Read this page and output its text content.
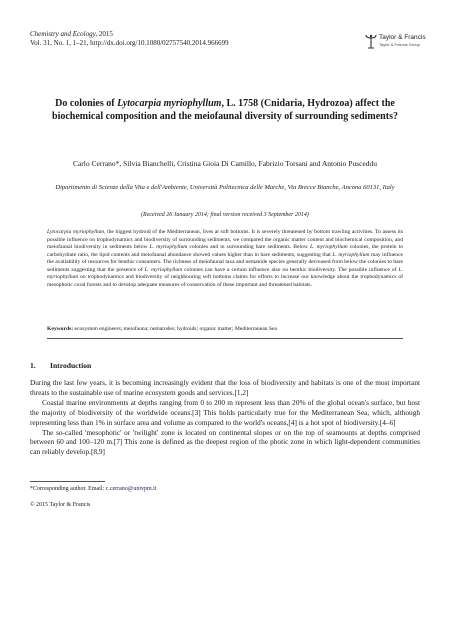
Chemistry and Ecology, 2015
Vol. 31, No. 1, 1–21, http://dx.doi.org/10.1080/02757540.2014.966699
Taylor & Francis
Taylor & Francis Group
Do colonies of Lytocarpia myriophyllum, L. 1758 (Cnidaria, Hydrozoa) affect the biochemical composition and the meiofaunal diversity of surrounding sediments?
Carlo Cerrano*, Silvia Bianchelli, Cristina Gioia Di Camillo, Fabrizio Torsani and Antonio Pusceddu
Dipartimento di Scienze della Vita e dell'Ambiente, Università Politecnica delle Marche, Via Brecce Bianche, Ancona 60131, Italy
(Received 26 January 2014; final version received 3 September 2014)
Lytocarpia myriophyllum, the biggest hydroid of the Mediterranean, lives at soft bottoms. It is severely threatened by bottom trawling activities. To assess its possible influence on trophodynamics and biodiversity of surrounding sediments, we compared the organic matter content and biochemical composition, and meiofaunal biodiversity in sediments below L. myriophyllum colonies and in surrounding bare sediments. Below L. myriophyllum colonies, the protein to carbohydrate ratio, the lipid contents and meiofaunal abundance showed values higher than in bare sediments, suggesting that L. myriophyllum may influence the availability of resources for benthic consumers. The richness of meiofaunal taxa and nematode species generally decreased from below the colonies to bare sediments suggesting that the presence of L. myriophyllum colonies can have a certain influence also on benthic biodiversity. The possible influence of L. myriophyllum on trophodynamics and biodiversity of neighbouring soft bottoms claims for efforts to increase our knowledge about the trophodynamics of mesophotic coral forests and to develop adequate measures of conservation of these important and threatened habitats.
Keywords: ecosystem engineers; meiofauna; nematodes; hydroids; organic matter; Mediterranean Sea
1. Introduction

During the last few years, it is becoming increasingly evident that the loss of biodiversity and habitats is one of the most important threats to the sustainable use of marine ecosystem goods and services.[1,2]

Coastal marine environments at depths ranging from 0 to 200 m represent less than 20% of the global ocean's surface, but host the majority of biodiversity of the worldwide oceans.[3] This holds particularly true for the Mediterranean Sea, which, although representing less than 1% in surface area and volume as compared to the world's oceans,[4] is a hot spot of biodiversity.[4–6]

The so-called 'mesophotic' or 'twilight' zone is located on continental slopes or on the top of seamounts at depths comprised between 60 and 100–120 m.[7] This zone is defined as the deepest region of the photic zone in which light-dependent communities can reliably develop.[8,9]

*Corresponding author. Email: c.cerrano@univpm.it
© 2015 Taylor & Francis
